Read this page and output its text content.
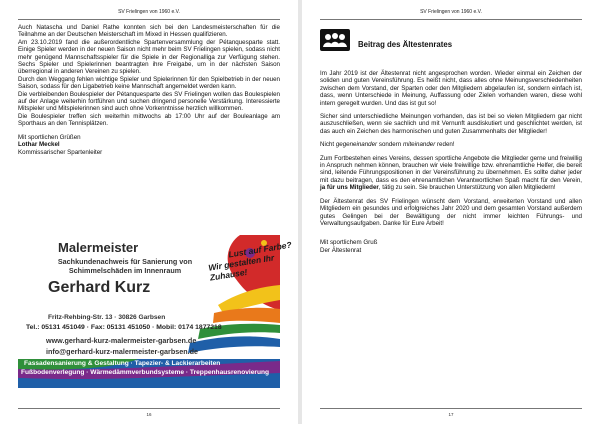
SV Frielingen von 1960 e.V.

Auch Natascha und Daniel Rathe konnten sich bei den Landesmeisterschaften für die Teilnahme an der Deutschen Meisterschaft im Mixed in Hessen qualifizieren.

Am 23.10.2019 fand die außerordentliche Spartenversammlung der Pétanquesparte statt. Einige Spieler werden in der neuen Saison nicht mehr beim SV Frielingen spielen, sodass nicht mehr genügend Mannschaftsspieler für die Spiele in der Regionalliga zur Verfügung stehen. Sechs Spieler und Spielerinnen beantragten ihre Freigabe, um in der nächsten Saison überregional in anderen Vereinen zu spielen.

Durch den Weggang fehlen wichtige Spieler und Spielerinnen für den Spielbetrieb in der neuen Saison, sodass für den Ligabetrieb keine Mannschaft angemeldet werden kann.

Die verbleibenden Boulespieler der Pétanquesparte des SV Frielingen wollen das Boulespielen auf der Anlage weiterhin fortführen und suchen dringend personelle Verstärkung. Interessierte Mitspieler und Mitspielerinnen sind auch ohne Vorkenntnisse herzlich willkommen.

Die Boulespieler treffen sich weiterhin mittwochs ab 17:00 Uhr auf der Bouleanlage am Sporthaus an den Tennisplätzen.

Mit sportlichen Grüßen

Lothar Meckel

Kommissarischer Spartenleiter

Malermeister
Sachkundenachweis für Sanierung von
Schimmelschäden im Innenraum
Gerhard Kurz
Lust auf Farbe?
Wir gestalten Ihr Zuhause!
Fritz-Rehbing-Str. 13 · 30826 Garbsen
Tel.: 05131 451049 · Fax: 05131 451050 · Mobil: 0174 1877218
www.gerhard-kurz-malermeister-garbsen.de
info@gerhard-kurz-malermeister-garbsen.de
Fassadensanierung & Gestaltung · Tapezier- & Lackierarbeiten
Fußbodenverlegung · Wärmedämmverbundsysteme · Treppenhausrenovierung
16
SV Frielingen von 1960 e.V.
Beitrag des Ältestenrates

Im Jahr 2019 ist der Ältestenrat nicht angesprochen worden. Wieder einmal ein Zeichen der soliden und guten Vereinsführung. Es heißt nicht, dass alles ohne Meinungsverschiedenheiten zwischen dem Vorstand, der Sparten oder den Mitgliedern abgelaufen ist, sondern einfach ist, dass, wenn Unterschiede in Meinung, Auffassung oder Zielen vorhanden waren, diese wohl intern geregelt wurden. Und das ist gut so!

Sicher sind unterschiedliche Meinungen vorhanden, das ist bei so vielen Mitgliedern gar nicht auszuschließen, wenn sie sachlich und mit Vernunft ausdiskutiert und geschlichtet werden, ist das auch ein Zeichen des harmonischen und guten Zusammenhalts der Mitglieder!

Nicht gegeneinander sondern miteinander reden!

Zum Fortbestehen eines Vereins, dessen sportliche Angebote die Mitglieder gerne und freiwillig in Anspruch nehmen können, brauchen wir viele freiwillige bzw. ehrenamtliche Helfer, die bereit sind, leitende Führungspositionen in der Vereinsführung zu übernehmen. Es sollte daher jeder mit dazu beitragen, dass es den ehrenamtlichen Verantwortlichen Spaß macht für den Verein, ja für uns Mitglieder, tätig zu sein. Sie brauchen Unterstützung von allen Mitgliedern!

Der Ältestenrat des SV Frielingen wünscht dem Vorstand, erweiterten Vorstand und allen Mitgliedern ein gesundes und erfolgreiches Jahr 2020 und dem gesamten Vorstand außerdem gutes Gelingen bei der Bewältigung der nicht immer leichten Führungs- und Verwaltungsaufgaben. Danke für Eure Arbeit!

Mit sportlichem Gruß

Der Ältestenrat

17
